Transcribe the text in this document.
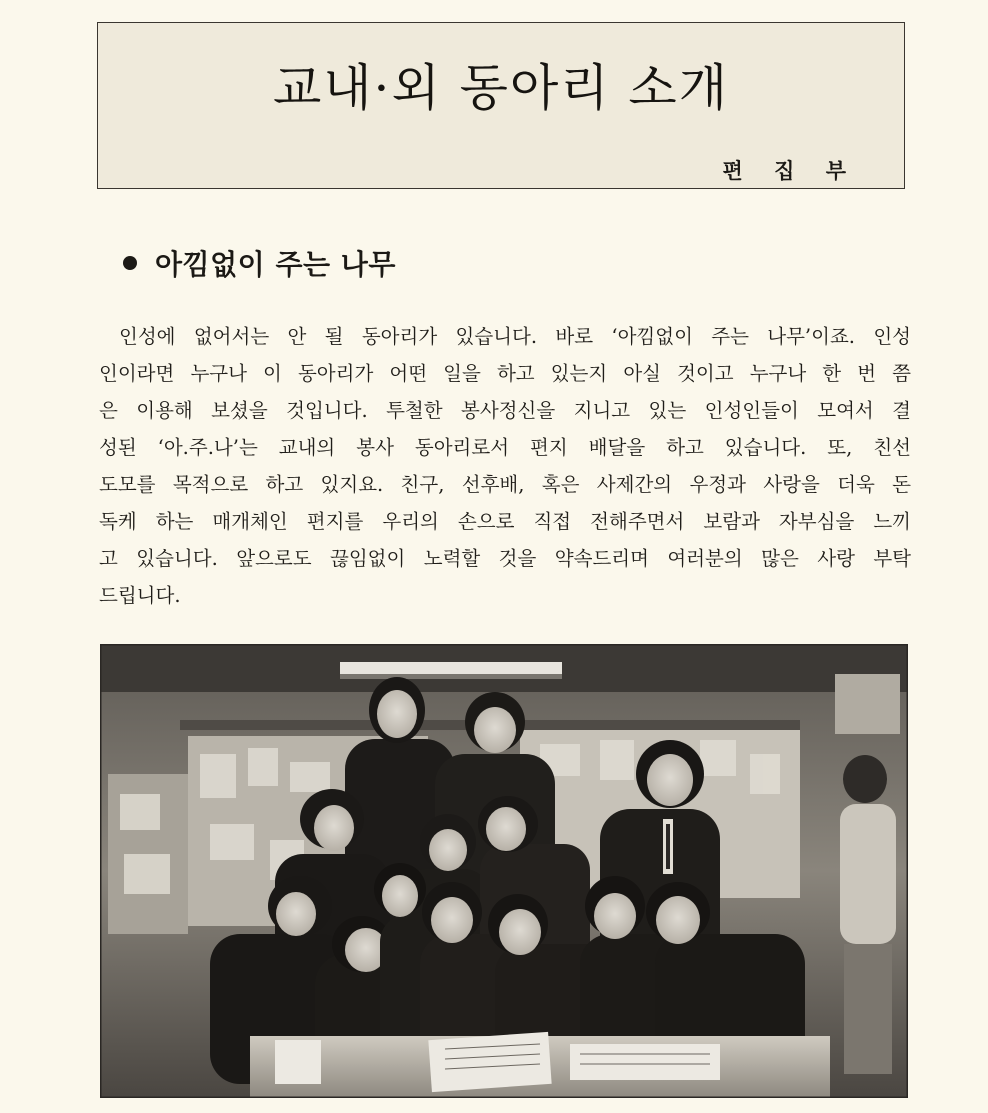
교내·외 동아리 소개
편 집 부
아낌없이 주는 나무
인성에 없어서는 안 될 동아리가 있습니다. 바로 ‘아낌없이 주는 나무’이죠. 인성
인이라면 누구나 이 동아리가 어떤 일을 하고 있는지 아실 것이고 누구나 한 번 쯤
은 이용해 보셨을 것입니다. 투철한 봉사정신을 지니고 있는 인성인들이 모여서 결
성된 ‘아.주.나’는 교내의 봉사 동아리로서 편지 배달을 하고 있습니다. 또, 친선
도모를 목적으로 하고 있지요. 친구, 선후배, 혹은 사제간의 우정과 사랑을 더욱 돈
독케 하는 매개체인 편지를 우리의 손으로 직접 전해주면서 보람과 자부심을 느끼
고 있습니다. 앞으로도 끊임없이 노력할 것을 약속드리며 여러분의 많은 사랑 부탁
드립니다.
